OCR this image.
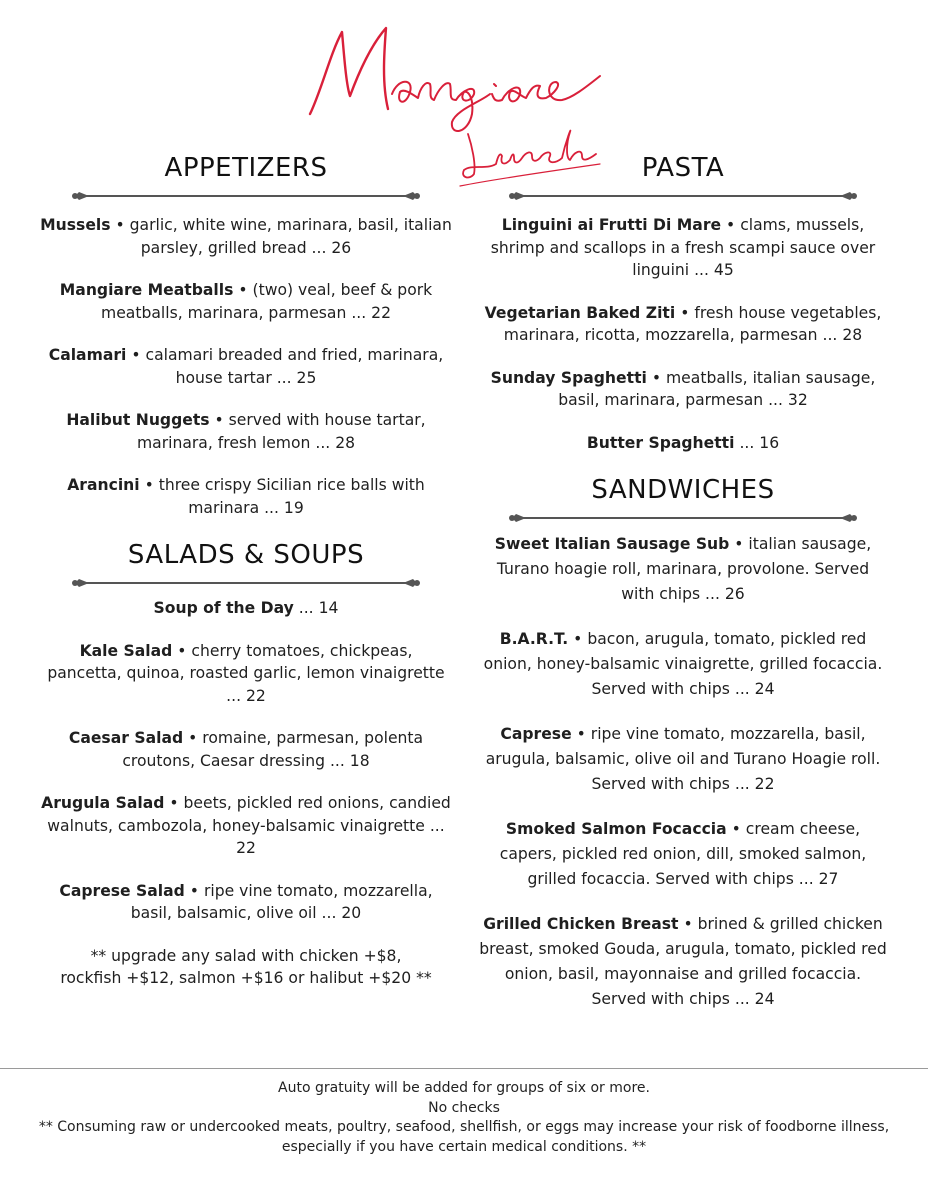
APPETIZERS

Mussels • garlic, white wine, marinara, basil, italian parsley, grilled bread ... 26

Mangiare Meatballs • (two) veal, beef & pork meatballs, marinara, parmesan ... 22

Calamari • calamari breaded and fried, marinara, house tartar ... 25

Halibut Nuggets • served with house tartar, marinara, fresh lemon ... 28

Arancini • three crispy Sicilian rice balls with marinara ... 19

SALADS & SOUPS

Soup of the Day ... 14

Kale Salad • cherry tomatoes, chickpeas, pancetta, quinoa, roasted garlic, lemon vinaigrette ... 22

Caesar Salad • romaine, parmesan, polenta croutons, Caesar dressing ... 18

Arugula Salad • beets, pickled red onions, candied walnuts, cambozola, honey-balsamic vinaigrette ... 22

Caprese Salad • ripe vine tomato, mozzarella, basil, balsamic, olive oil ... 20

** upgrade any salad with chicken +$8,
rockfish +$12, salmon +$16 or halibut +$20 **

PASTA

Linguini ai Frutti Di Mare • clams, mussels, shrimp and scallops in a fresh scampi sauce over linguini ... 45

Vegetarian Baked Ziti • fresh house vegetables, marinara, ricotta, mozzarella, parmesan ... 28

Sunday Spaghetti • meatballs, italian sausage, basil, marinara, parmesan ... 32

Butter Spaghetti ... 16

SANDWICHES

Sweet Italian Sausage Sub • italian sausage, Turano hoagie roll, marinara, provolone. Served with chips ... 26

B.A.R.T. • bacon, arugula, tomato, pickled red onion, honey-balsamic vinaigrette, grilled focaccia. Served with chips ... 24

Caprese • ripe vine tomato, mozzarella, basil, arugula, balsamic, olive oil and Turano Hoagie roll. Served with chips ... 22

Smoked Salmon Focaccia • cream cheese, capers, pickled red onion, dill, smoked salmon, grilled focaccia. Served with chips ... 27

Grilled Chicken Breast • brined & grilled chicken breast, smoked Gouda, arugula, tomato, pickled red onion, basil, mayonnaise and grilled focaccia. Served with chips ... 24

Auto gratuity will be added for groups of six or more.
No checks
** Consuming raw or undercooked meats, poultry, seafood, shellfish, or eggs may increase your risk of foodborne illness,
especially if you have certain medical conditions. **
